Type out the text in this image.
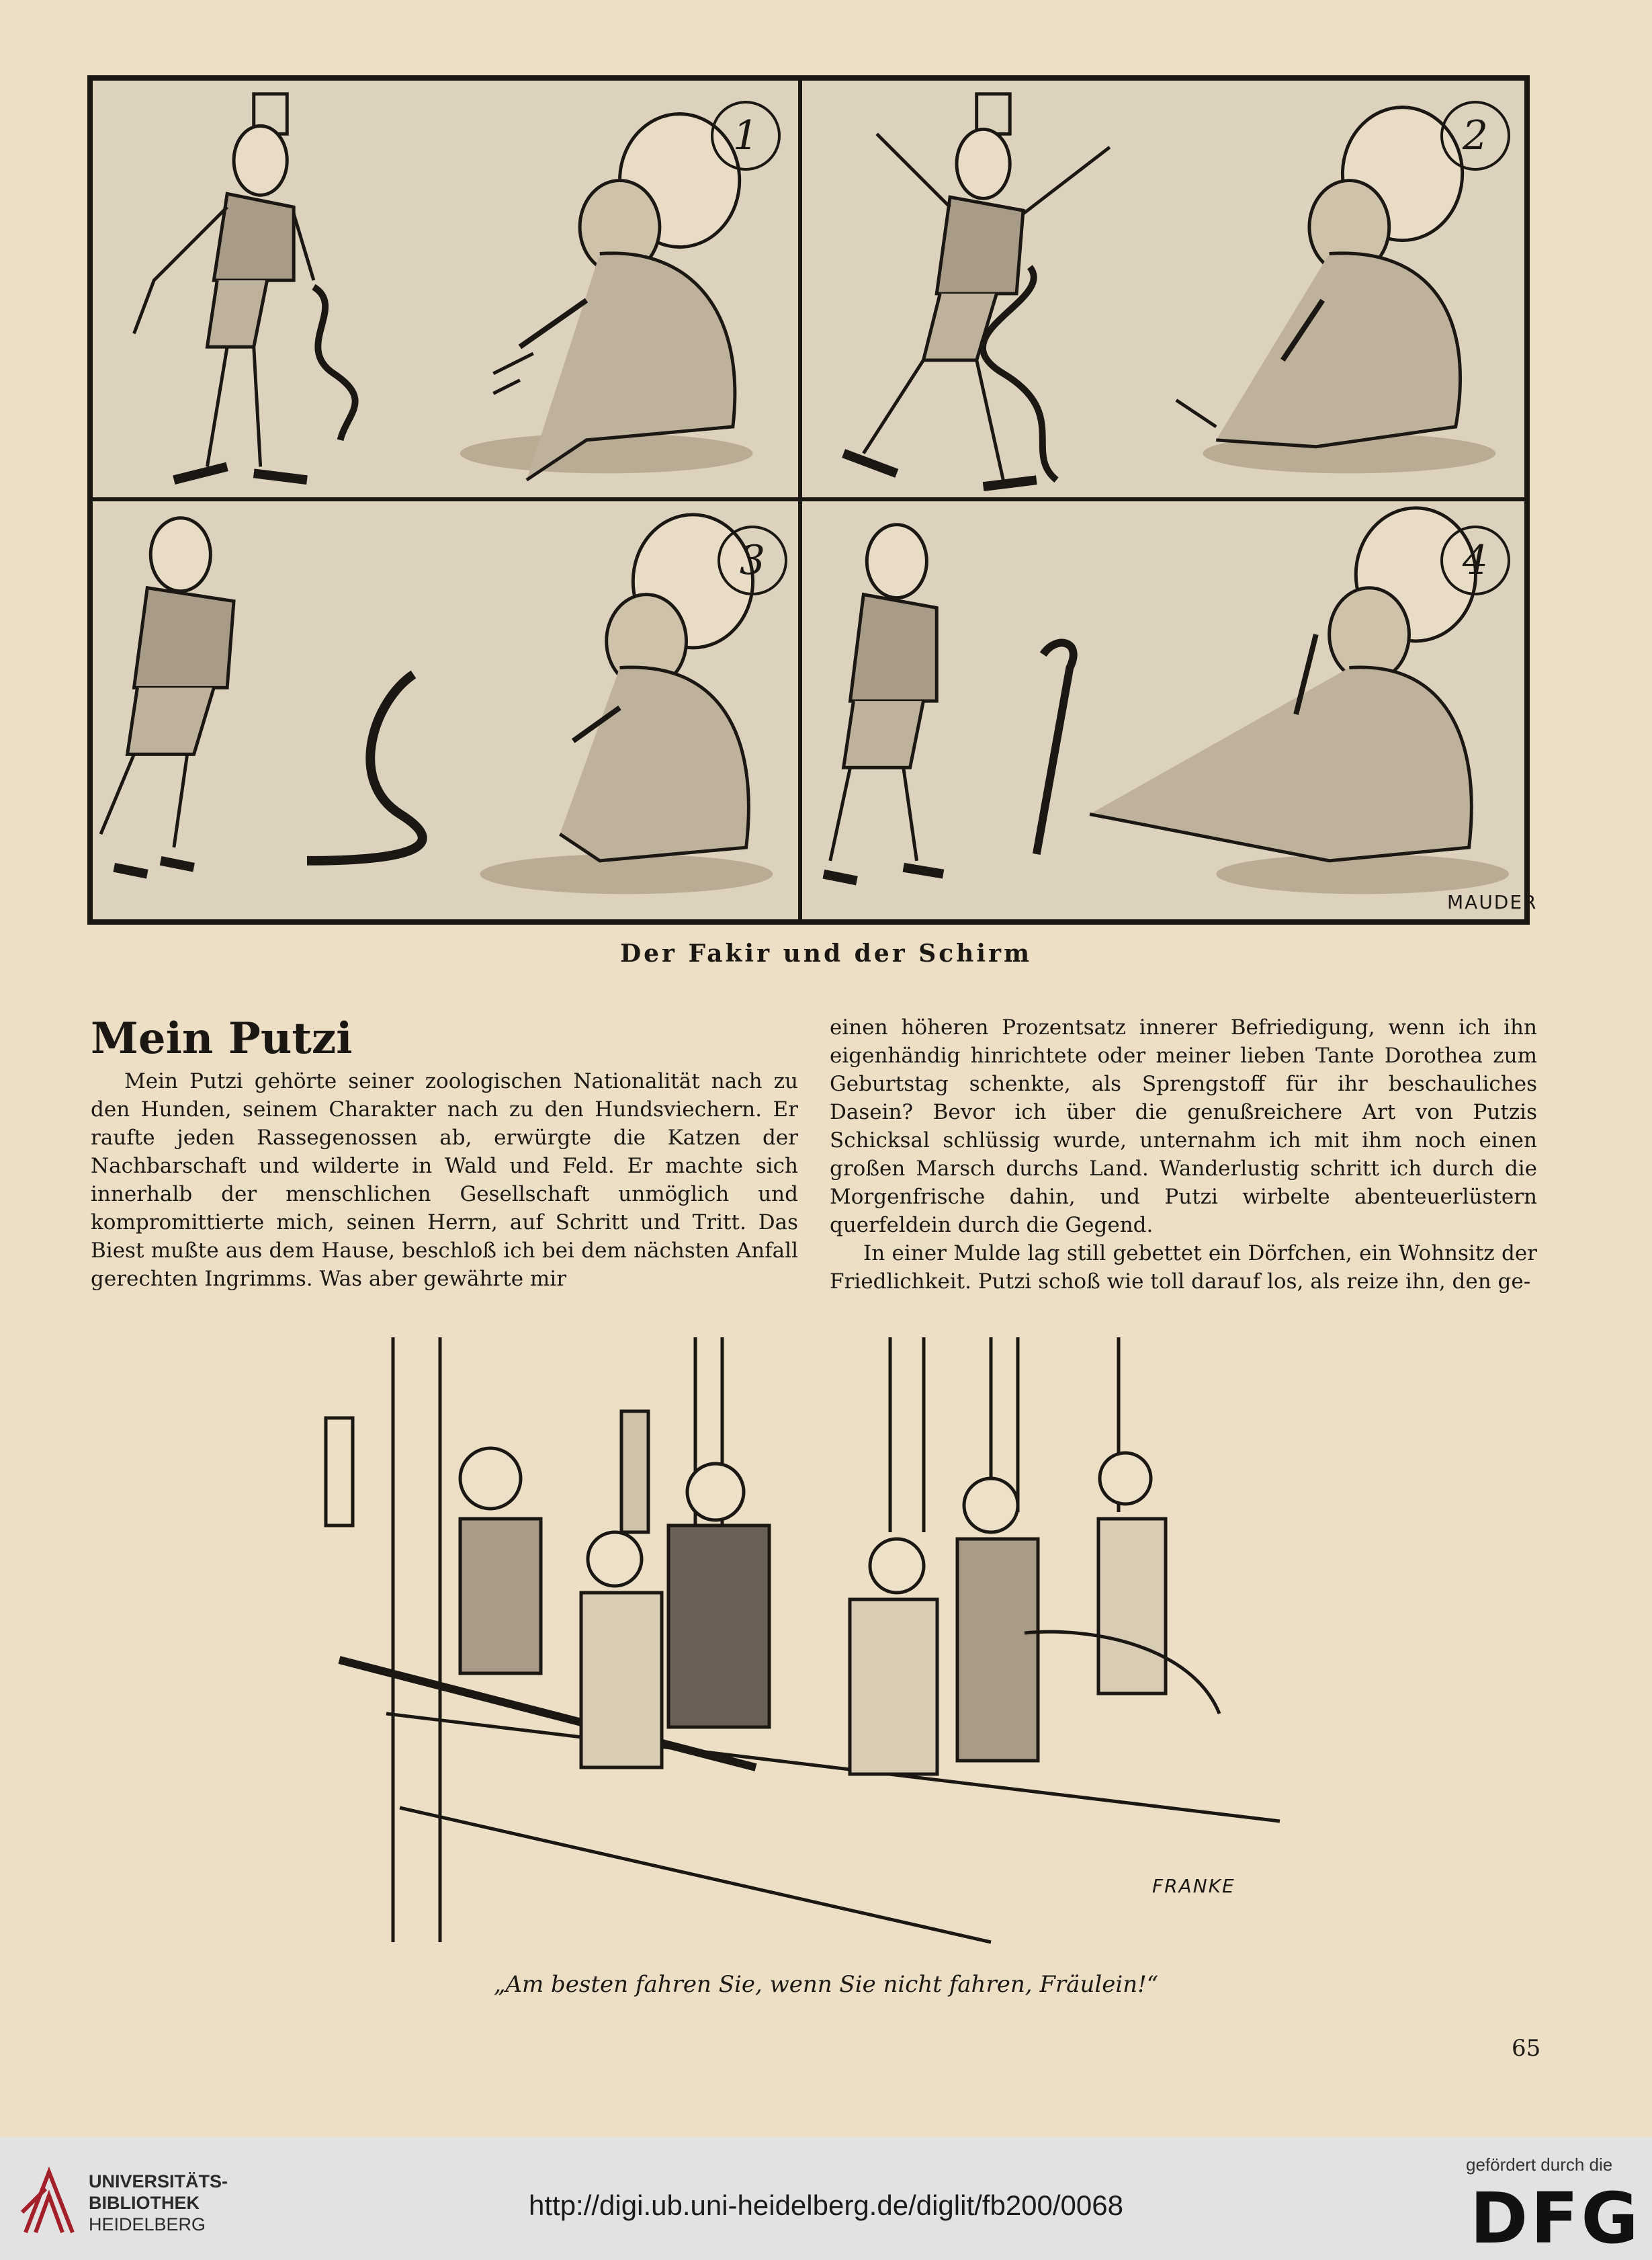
1	2
3	4
MAUDER
Der Fakir und der Schirm
Mein Putzi

Mein Putzi gehörte seiner zoologischen Nationalität nach zu den Hunden, seinem Charakter nach zu den Hundsviechern. Er raufte jeden Rassegenossen ab, erwürgte die Katzen der Nachbarschaft und wilderte in Wald und Feld. Er machte sich innerhalb der menschlichen Gesellschaft unmöglich und kompromittierte mich, seinen Herrn, auf Schritt und Tritt. Das Biest mußte aus dem Hause, beschloß ich bei dem nächsten Anfall gerechten Ingrimms. Was aber gewährte mir

einen höheren Prozentsatz innerer Befriedigung, wenn ich ihn eigenhändig hinrichtete oder meiner lieben Tante Dorothea zum Geburtstag schenkte, als Sprengstoff für ihr beschauliches Dasein? Bevor ich über die genußreichere Art von Putzis Schicksal schlüssig wurde, unternahm ich mit ihm noch einen großen Marsch durchs Land. Wanderlustig schritt ich durch die Morgenfrische dahin, und Putzi wirbelte abenteuerlüstern querfeldein durch die Gegend.

In einer Mulde lag still gebettet ein Dörfchen, ein Wohnsitz der Friedlichkeit. Putzi schoß wie toll darauf los, als reize ihn, den ge-

FRANKE
„Am besten fahren Sie, wenn Sie nicht fahren, Fräulein!“
65
UNIVERSITÄTS-
BIBLIOTHEK
HEIDELBERG
http://digi.ub.uni-heidelberg.de/diglit/fb200/0068
gefördert durch die
DFG
